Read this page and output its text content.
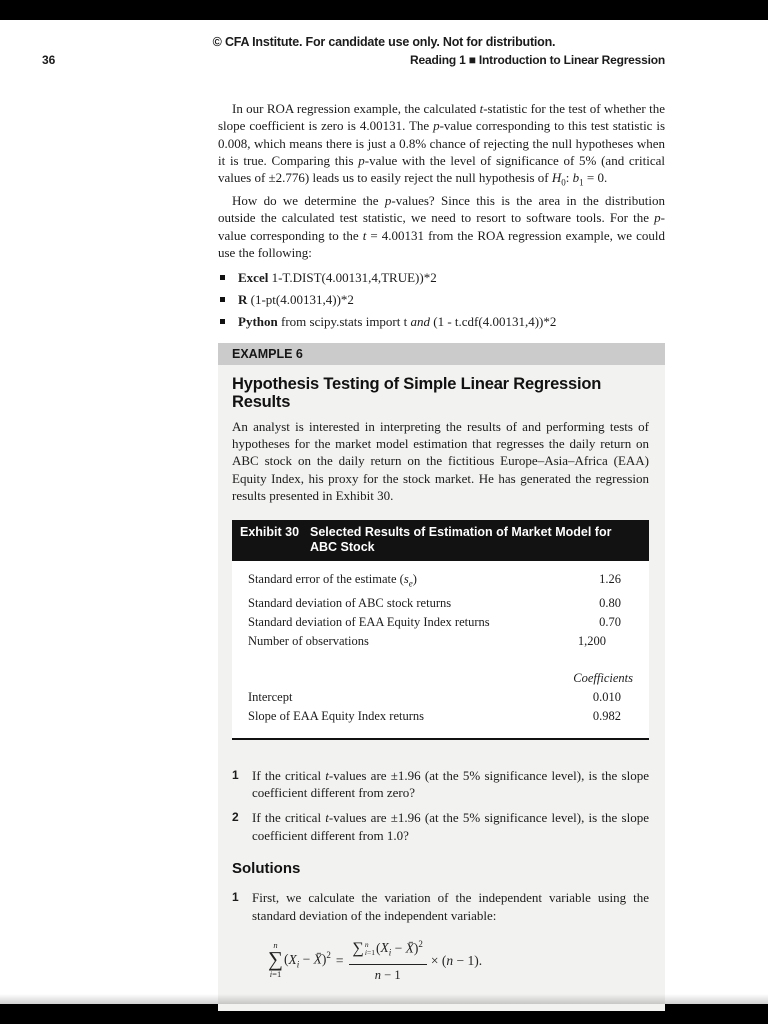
© CFA Institute. For candidate use only. Not for distribution.
36	Reading 1 ■ Introduction to Linear Regression

In our ROA regression example, the calculated t-statistic for the test of whether the slope coefficient is zero is 4.00131. The p-value corresponding to this test statistic is 0.008, which means there is just a 0.8% chance of rejecting the null hypotheses when it is true. Comparing this p-value with the level of significance of 5% (and critical values of ±2.776) leads us to easily reject the null hypothesis of $H_0$: $b_1 = 0$.

How do we determine the p-values? Since this is the area in the distribution outside the calculated test statistic, we need to resort to software tools. For the p-value corresponding to the t = 4.00131 from the ROA regression example, we could use the following:

Excel 1-T.DIST(4.00131,4,TRUE))*2
R (1-pt(4.00131,4))*2
Python from scipy.stats import t and (1 - t.cdf(4.00131,4))*2
EXAMPLE 6
Hypothesis Testing of Simple Linear Regression Results

An analyst is interested in interpreting the results of and performing tests of hypotheses for the market model estimation that regresses the daily return on ABC stock on the daily return on the fictitious Europe–Asia–Africa (EAA) Equity Index, his proxy for the stock market. He has generated the regression results presented in Exhibit 30.

Exhibit 30 Selected Results of Estimation of Market Model for ABC Stock
Standard error of the estimate $(s_e)$	1.26
Standard deviation of ABC stock returns	0.80
Standard deviation of EAA Equity Index returns	0.70
Number of observations	1,200
Coefficients
Intercept	0.010
Slope of EAA Equity Index returns	0.982
1	If the critical t-values are ±1.96 (at the 5% significance level), is the slope coefficient different from zero?

2	If the critical t-values are ±1.96 (at the 5% significance level), is the slope coefficient different from 1.0?

Solutions
1	First, we calculate the variation of the independent variable using the standard deviation of the independent variable:

n
∑
i=1
($X_i$ − X̄)$^2$ =
∑ n
i=1 ($X_i$ − X̄)$^2$
n − 1
× (n − 1).
